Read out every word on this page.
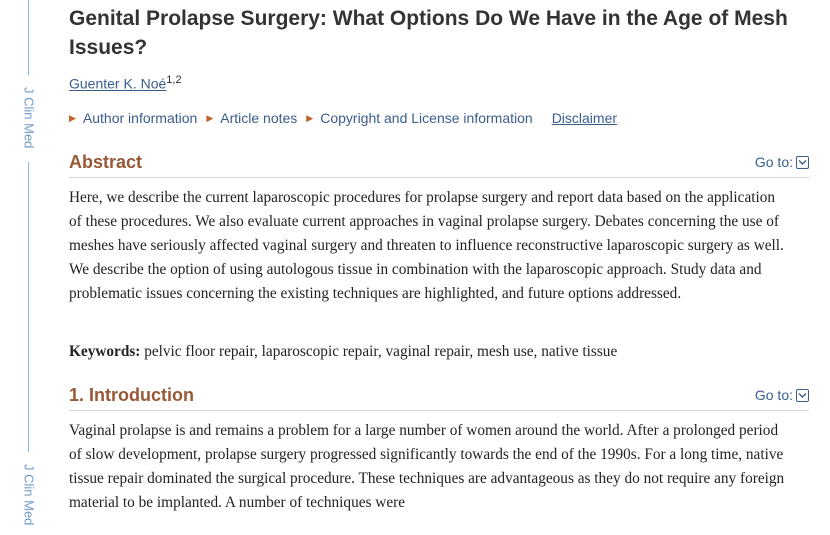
J Clin Med
J Clin Med
Genital Prolapse Surgery: What Options Do We Have in the Age of Mesh Issues?
Guenter K. Noé$^{1,2}$
▶ Author information ▶ Article notes ▶ Copyright and License information Disclaimer
Abstract	Go to:

Here, we describe the current laparoscopic procedures for prolapse surgery and report data based on the application of these procedures. We also evaluate current approaches in vaginal prolapse surgery. Debates concerning the use of meshes have seriously affected vaginal surgery and threaten to influence reconstructive laparoscopic surgery as well. We describe the option of using autologous tissue in combination with the laparoscopic approach. Study data and problematic issues concerning the existing techniques are highlighted, and future options addressed.

Keywords: pelvic floor repair, laparoscopic repair, vaginal repair, mesh use, native tissue

1. Introduction	Go to:

Vaginal prolapse is and remains a problem for a large number of women around the world. After a prolonged period of slow development, prolapse surgery progressed significantly towards the end of the 1990s. For a long time, native tissue repair dominated the surgical procedure. These techniques are advantageous as they do not require any foreign material to be implanted. A number of techniques were
